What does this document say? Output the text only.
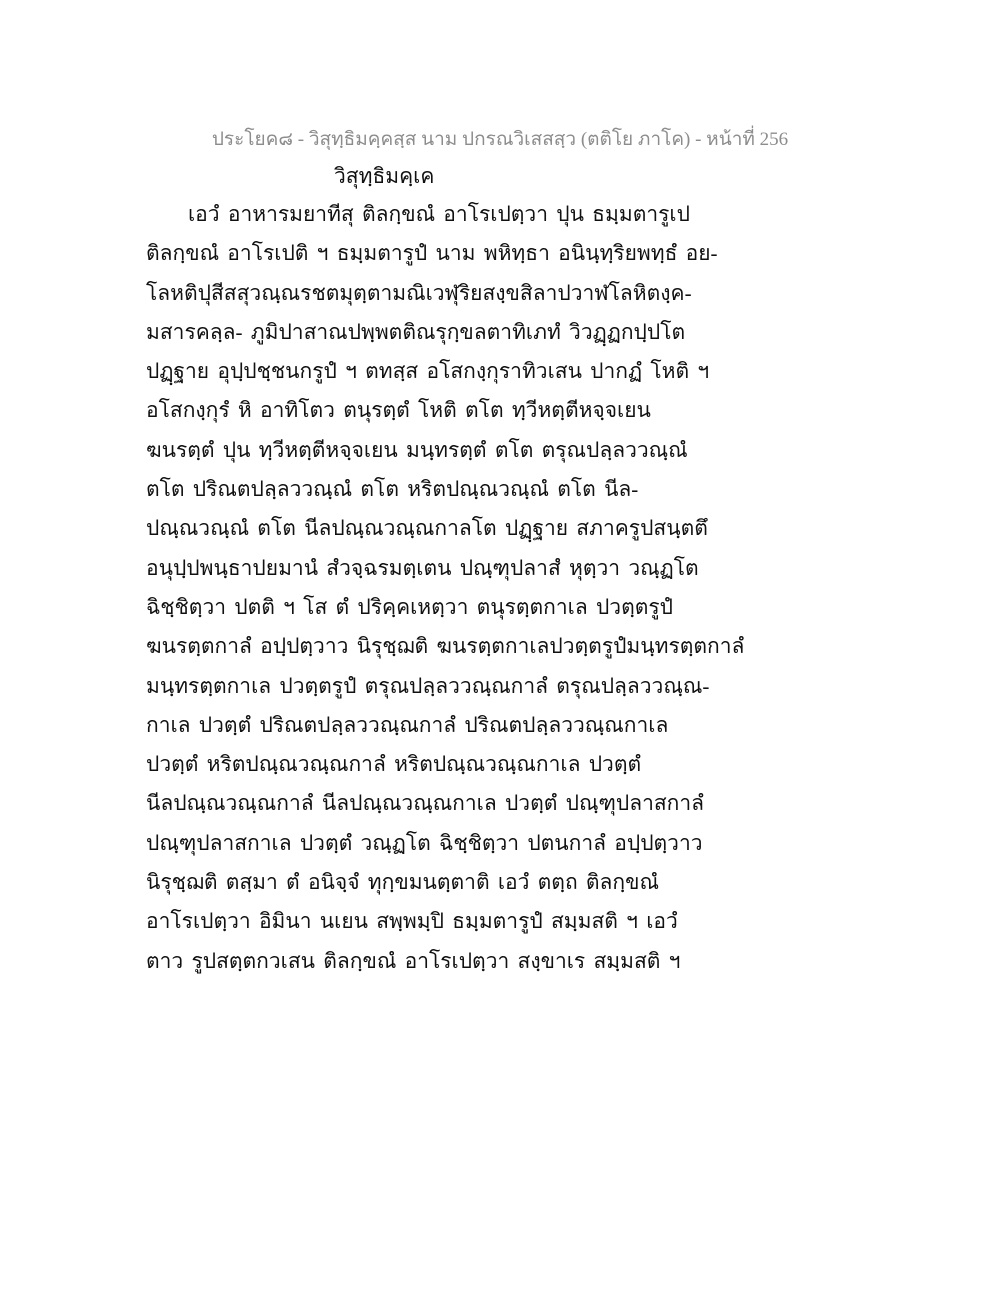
ประโยค๘ - วิสุทฺธิมคฺคสฺส นาม ปกรณวิเสสสฺว (ตติโย ภาโค) - หน้าที่ 256
วิสุทฺธิมคฺเค
เอวํ อาหารมยาทีสุ ติลกฺขณํ อาโรเปตฺวา ปุน ธมฺมตารูเป
ติลกฺขณํ อาโรเปติ ฯ ธมฺมตารูปํ นาม พหิทฺธา อนินฺทฺริยพทฺธํ อย-
โลหติปุสีสสุวณฺณรชตมุตฺตามณิเวฬุริยสงฺขสิลาปวาฬโลหิตงฺค-
มสารคลฺล- ภูมิปาสาณปพฺพตติณรุกฺขลตาทิเภทํ วิวฏฺฏกปฺปโต
ปฏฺฐาย อุปฺปชฺชนกรูปํ ฯ ตทสฺส อโสกงฺกุราทิวเสน ปากฏํ โหติ ฯ
อโสกงฺกุรํ หิ อาทิโตว ตนุรตฺตํ โหติ ตโต ทฺวีหตฺตีหจฺจเยน
ฆนรตฺตํ ปุน ทฺวีหตฺตีหจฺจเยน มนฺทรตฺตํ ตโต ตรุณปลฺลววณฺณํ
ตโต ปริณตปลฺลววณฺณํ ตโต หริตปณฺณวณฺณํ ตโต นีล-
ปณฺณวณฺณํ ตโต นีลปณฺณวณฺณกาลโต ปฏฺฐาย สภาครูปสนฺตตึ
อนุปฺปพนฺธาปยมานํ สํวจฺฉรมตฺเตน ปณฺฑุปลาสํ หุตฺวา วณฺฏโต
ฉิชฺชิตฺวา ปตติ ฯ โส ตํ ปริคฺคเหตฺวา ตนุรตฺตกาเล ปวตฺตรูปํ
ฆนรตฺตกาลํ อปฺปตฺวาว นิรุชฺฌติ ฆนรตฺตกาเลปวตฺตรูปํมนฺทรตฺตกาลํ
มนฺทรตฺตกาเล ปวตฺตรูปํ ตรุณปลฺลววณฺณกาลํ ตรุณปลฺลววณฺณ-
กาเล ปวตฺตํ ปริณตปลฺลววณฺณกาลํ ปริณตปลฺลววณฺณกาเล
ปวตฺตํ หริตปณฺณวณฺณกาลํ หริตปณฺณวณฺณกาเล ปวตฺตํ
นีลปณฺณวณฺณกาลํ นีลปณฺณวณฺณกาเล ปวตฺตํ ปณฺฑุปลาสกาลํ
ปณฺฑุปลาสกาเล ปวตฺตํ วณฺฏโต ฉิชฺชิตฺวา ปตนกาลํ อปฺปตฺวาว
นิรุชฺฌติ ตสฺมา ตํ อนิจฺจํ ทุกฺขมนตฺตาติ เอวํ ตตฺถ ติลกฺขณํ
อาโรเปตฺวา อิมินา นเยน สพฺพมฺปิ ธมฺมตารูปํ สมฺมสติ ฯ เอวํ
ตาว รูปสตฺตกวเสน ติลกฺขณํ อาโรเปตฺวา สงฺขาเร สมฺมสติ ฯ
